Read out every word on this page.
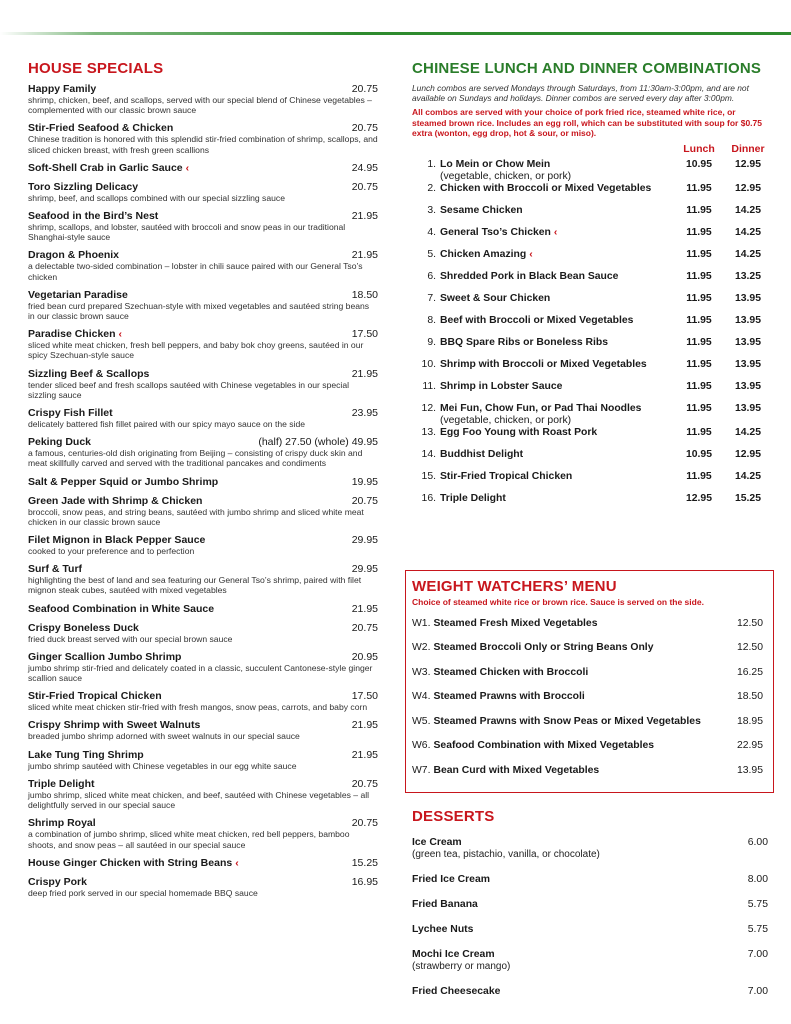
HOUSE SPECIALS
Happy Family	20.75
shrimp, chicken, beef, and scallops, served with our special blend of Chinese vegetables – complemented with our classic brown sauce
Stir-Fried Seafood & Chicken	20.75
Chinese tradition is honored with this splendid stir-fried combination of shrimp, scallops, and sliced chicken breast, with fresh green scallions
Soft-Shell Crab in Garlic Sauce ‹	24.95
Toro Sizzling Delicacy	20.75
shrimp, beef, and scallops combined with our special sizzling sauce
Seafood in the Bird’s Nest	21.95
shrimp, scallops, and lobster, sautéed with broccoli and snow peas in our traditional Shanghai-style sauce
Dragon & Phoenix	21.95
a delectable two-sided combination – lobster in chili sauce paired with our General Tso’s chicken
Vegetarian Paradise	18.50
fried bean curd prepared Szechuan-style with mixed vegetables and sautéed string beans in our classic brown sauce
Paradise Chicken ‹	17.50
sliced white meat chicken, fresh bell peppers, and baby bok choy greens, sautéed in our spicy Szechuan-style sauce
Sizzling Beef & Scallops	21.95
tender sliced beef and fresh scallops sautéed with Chinese vegetables in our special sizzling sauce
Crispy Fish Fillet	23.95
delicately battered fish fillet paired with our spicy mayo sauce on the side
Peking Duck	(half) 27.50 (whole) 49.95
a famous, centuries-old dish originating from Beijing – consisting of crispy duck skin and meat skillfully carved and served with the traditional pancakes and condiments
Salt & Pepper Squid or Jumbo Shrimp	19.95
Green Jade with Shrimp & Chicken	20.75
broccoli, snow peas, and string beans, sautéed with jumbo shrimp and sliced white meat chicken in our classic brown sauce
Filet Mignon in Black Pepper Sauce	29.95
cooked to your preference and to perfection
Surf & Turf	29.95
highlighting the best of land and sea featuring our General Tso’s shrimp, paired with filet mignon steak cubes, sautéed with mixed vegetables
Seafood Combination in White Sauce	21.95
Crispy Boneless Duck	20.75
fried duck breast served with our special brown sauce
Ginger Scallion Jumbo Shrimp	20.95
jumbo shrimp stir-fried and delicately coated in a classic, succulent Cantonese-style ginger scallion sauce
Stir-Fried Tropical Chicken	17.50
sliced white meat chicken stir-fried with fresh mangos, snow peas, carrots, and baby corn
Crispy Shrimp with Sweet Walnuts	21.95
breaded jumbo shrimp adorned with sweet walnuts in our special sauce
Lake Tung Ting Shrimp	21.95
jumbo shrimp sautéed with Chinese vegetables in our egg white sauce
Triple Delight	20.75
jumbo shrimp, sliced white meat chicken, and beef, sautéed with Chinese vegetables – all delightfully served in our special sauce
Shrimp Royal	20.75
a combination of jumbo shrimp, sliced white meat chicken, red bell peppers, bamboo shoots, and snow peas – all sautéed in our special sauce
House Ginger Chicken with String Beans ‹	15.25
Crispy Pork	16.95
deep fried pork served in our special homemade BBQ sauce
CHINESE LUNCH AND DINNER COMBINATIONS
Lunch combos are served Mondays through Saturdays, from 11:30am-3:00pm, and are not available on Sundays and holidays. Dinner combos are served every day after 3:00pm.
All combos are served with your choice of pork fried rice, steamed white rice, or steamed brown rice. Includes an egg roll, which can be substituted with soup for $0.75 extra (wonton, egg drop, hot & sour, or miso).
Lunch	Dinner
1. Lo Mein or Chow Mein
(vegetable, chicken, or pork)
10.95	12.95
2. Chicken with Broccoli or Mixed Vegetables	11.95	12.95
3. Sesame Chicken	11.95	14.25
4. General Tso’s Chicken ‹	11.95	14.25
5. Chicken Amazing ‹	11.95	14.25
6. Shredded Pork in Black Bean Sauce	11.95	13.25
7. Sweet & Sour Chicken	11.95	13.95
8. Beef with Broccoli or Mixed Vegetables	11.95	13.95
9. BBQ Spare Ribs or Boneless Ribs	11.95	13.95
10. Shrimp with Broccoli or Mixed Vegetables	11.95	13.95
11. Shrimp in Lobster Sauce	11.95	13.95
12. Mei Fun, Chow Fun, or Pad Thai Noodles
(vegetable, chicken, or pork)
11.95	13.95
13. Egg Foo Young with Roast Pork	11.95	14.25
14. Buddhist Delight	10.95	12.95
15. Stir-Fried Tropical Chicken	11.95	14.25
16. Triple Delight	12.95	15.25
WEIGHT WATCHERS’ MENU
Choice of steamed white rice or brown rice. Sauce is served on the side.
W1. Steamed Fresh Mixed Vegetables	12.50
W2. Steamed Broccoli Only or String Beans Only	12.50
W3. Steamed Chicken with Broccoli	16.25
W4. Steamed Prawns with Broccoli	18.50
W5. Steamed Prawns with Snow Peas or Mixed Vegetables	18.95
W6. Seafood Combination with Mixed Vegetables	22.95
W7. Bean Curd with Mixed Vegetables	13.95
DESSERTS
Ice Cream	6.00
(green tea, pistachio, vanilla, or chocolate)
Fried Ice Cream	8.00
Fried Banana	5.75
Lychee Nuts	5.75
Mochi Ice Cream	7.00
(strawberry or mango)
Fried Cheesecake	7.00
